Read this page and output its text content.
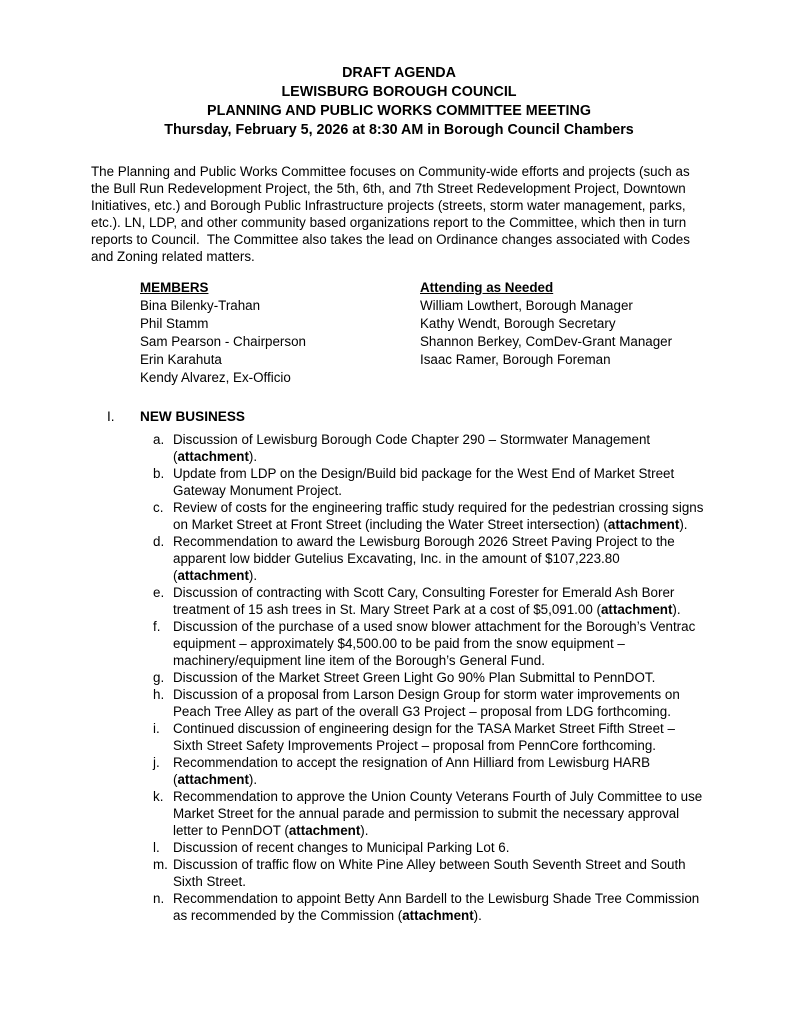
DRAFT AGENDA
LEWISBURG BOROUGH COUNCIL
PLANNING AND PUBLIC WORKS COMMITTEE MEETING
Thursday, February 5, 2026 at 8:30 AM in Borough Council Chambers

The Planning and Public Works Committee focuses on Community-wide efforts and projects (such as the Bull Run Redevelopment Project, the 5th, 6th, and 7th Street Redevelopment Project, Downtown Initiatives, etc.) and Borough Public Infrastructure projects (streets, storm water management, parks, etc.). LN, LDP, and other community based organizations report to the Committee, which then in turn reports to Council.  The Committee also takes the lead on Ordinance changes associated with Codes and Zoning related matters.

MEMBERS
Bina Bilenky-Trahan
Phil Stamm
Sam Pearson - Chairperson
Erin Karahuta
Kendy Alvarez, Ex-Officio
Attending as Needed
William Lowthert, Borough Manager
Kathy Wendt, Borough Secretary
Shannon Berkey, ComDev-Grant Manager
Isaac Ramer, Borough Foreman
I. NEW BUSINESS
a. Discussion of Lewisburg Borough Code Chapter 290 – Stormwater Management (attachment).
b. Update from LDP on the Design/Build bid package for the West End of Market Street Gateway Monument Project.
c. Review of costs for the engineering traffic study required for the pedestrian crossing signs on Market Street at Front Street (including the Water Street intersection) (attachment).
d. Recommendation to award the Lewisburg Borough 2026 Street Paving Project to the apparent low bidder Gutelius Excavating, Inc. in the amount of $107,223.80 (attachment).
e. Discussion of contracting with Scott Cary, Consulting Forester for Emerald Ash Borer treatment of 15 ash trees in St. Mary Street Park at a cost of $5,091.00 (attachment).
f. Discussion of the purchase of a used snow blower attachment for the Borough’s Ventrac equipment – approximately $4,500.00 to be paid from the snow equipment – machinery/equipment line item of the Borough’s General Fund.
g. Discussion of the Market Street Green Light Go 90% Plan Submittal to PennDOT.
h. Discussion of a proposal from Larson Design Group for storm water improvements on Peach Tree Alley as part of the overall G3 Project – proposal from LDG forthcoming.
i. Continued discussion of engineering design for the TASA Market Street Fifth Street – Sixth Street Safety Improvements Project – proposal from PennCore forthcoming.
j. Recommendation to accept the resignation of Ann Hilliard from Lewisburg HARB (attachment).
k. Recommendation to approve the Union County Veterans Fourth of July Committee to use Market Street for the annual parade and permission to submit the necessary approval letter to PennDOT (attachment).
l. Discussion of recent changes to Municipal Parking Lot 6.
m. Discussion of traffic flow on White Pine Alley between South Seventh Street and South Sixth Street.
n. Recommendation to appoint Betty Ann Bardell to the Lewisburg Shade Tree Commission as recommended by the Commission (attachment).
